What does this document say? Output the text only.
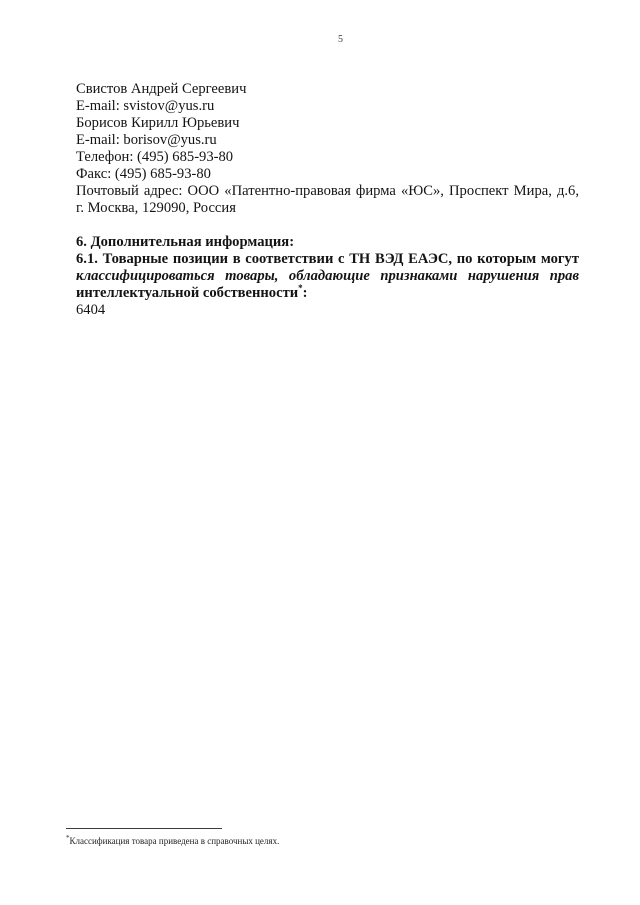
5
Свистов Андрей Сергеевич
E-mail: svistov@yus.ru
Борисов Кирилл Юрьевич
E-mail: borisov@yus.ru
Телефон: (495) 685-93-80
Факс: (495) 685-93-80
Почтовый адрес: ООО «Патентно-правовая фирма «ЮС», Проспект Мира, д.6,
г. Москва, 129090, Россия
6. Дополнительная информация:
6.1. Товарные позиции в соответствии с ТН ВЭД ЕАЭС, по которым могут
классифицироваться товары, обладающие признаками нарушения прав
интеллектуальной собственности*:
6404
*Классификация товара приведена в справочных целях.
